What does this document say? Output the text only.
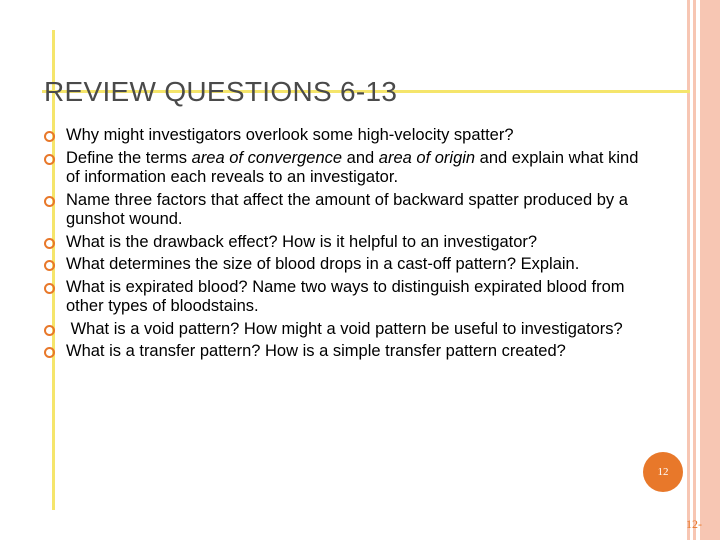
REVIEW QUESTIONS 6-13
Why might investigators overlook some high-velocity spatter?
Define the terms area of convergence and area of origin and explain what kind of information each reveals to an investigator.
Name three factors that affect the amount of backward spatter produced by a gunshot wound.
What is the drawback effect? How is it helpful to an investigator?
What determines the size of blood drops in a cast-off pattern? Explain.
What is expirated blood? Name two ways to distinguish expirated blood from other types of bloodstains.
What is a void pattern? How might a void pattern be useful to investigators?
What is a transfer pattern? How is a simple transfer pattern created?
12
12-
